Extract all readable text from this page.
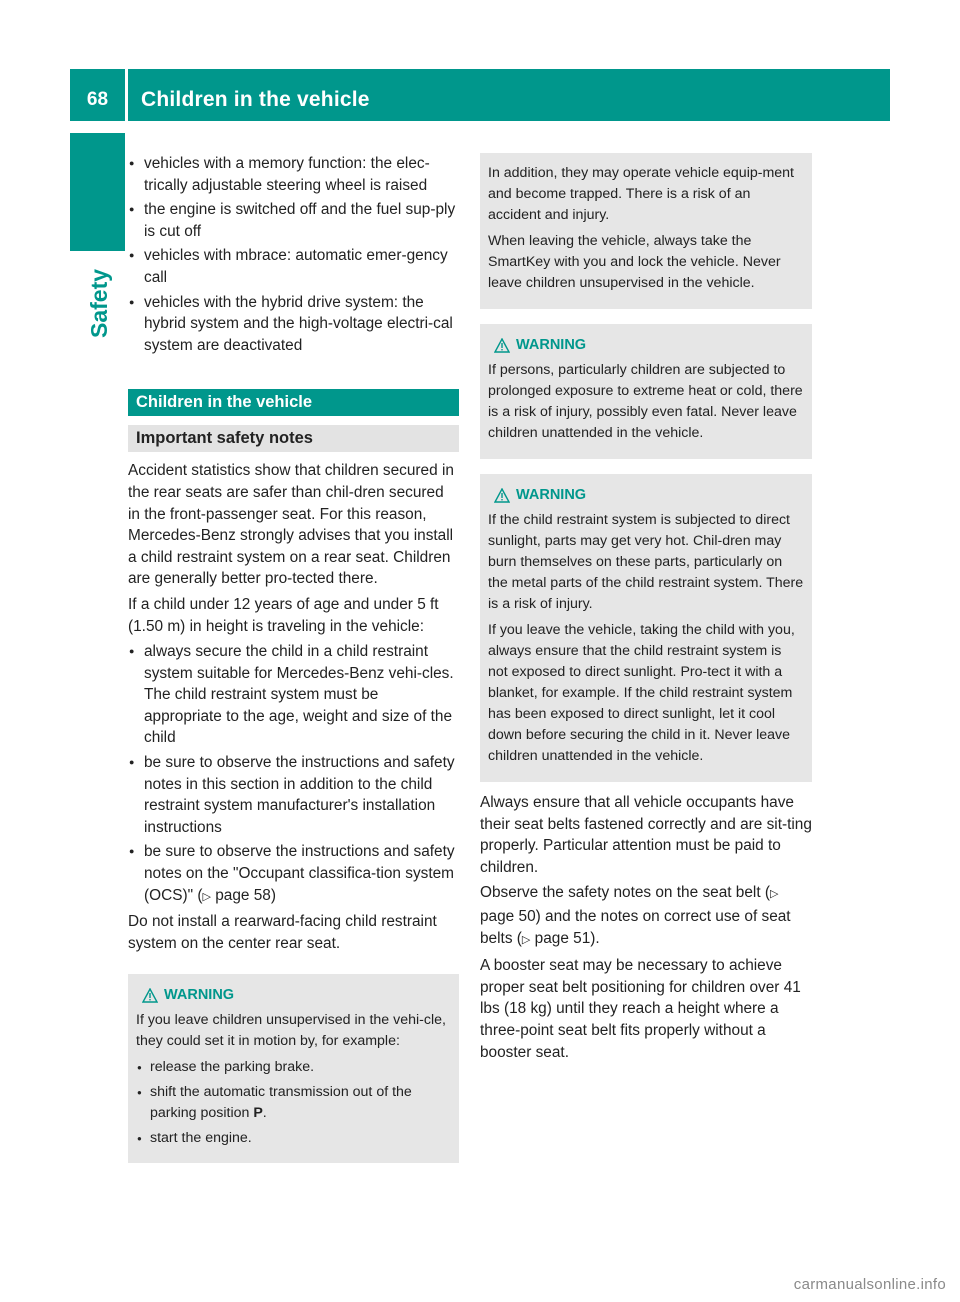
68	Children in the vehicle
Safety
● vehicles with a memory function: the elec-trically adjustable steering wheel is raised
● the engine is switched off and the fuel sup-ply is cut off
● vehicles with mbrace: automatic emer-gency call
● vehicles with the hybrid drive system: the hybrid system and the high-voltage electri-cal system are deactivated
Children in the vehicle
Important safety notes

Accident statistics show that children secured in the rear seats are safer than chil-dren secured in the front-passenger seat. For this reason, Mercedes-Benz strongly advises that you install a child restraint system on a rear seat. Children are generally better pro-tected there.

If a child under 12 years of age and under 5 ft (1.50 m) in height is traveling in the vehicle:

● always secure the child in a child restraint system suitable for Mercedes-Benz vehi-cles. The child restraint system must be appropriate to the age, weight and size of the child
● be sure to observe the instructions and safety notes in this section in addition to the child restraint system manufacturer's installation instructions
● be sure to observe the instructions and safety notes on the "Occupant classifica-tion system (OCS)" (▷ page 58)

Do not install a rearward-facing child restraint system on the center rear seat.

WARNING

If you leave children unsupervised in the vehi-cle, they could set it in motion by, for example:

● release the parking brake.
● shift the automatic transmission out of the parking position P.
● start the engine.

In addition, they may operate vehicle equip-ment and become trapped. There is a risk of an accident and injury.

When leaving the vehicle, always take the SmartKey with you and lock the vehicle. Never leave children unsupervised in the vehicle.

WARNING

If persons, particularly children are subjected to prolonged exposure to extreme heat or cold, there is a risk of injury, possibly even fatal. Never leave children unattended in the vehicle.

WARNING

If the child restraint system is subjected to direct sunlight, parts may get very hot. Chil-dren may burn themselves on these parts, particularly on the metal parts of the child restraint system. There is a risk of injury.

If you leave the vehicle, taking the child with you, always ensure that the child restraint system is not exposed to direct sunlight. Pro-tect it with a blanket, for example. If the child restraint system has been exposed to direct sunlight, let it cool down before securing the child in it. Never leave children unattended in the vehicle.

Always ensure that all vehicle occupants have their seat belts fastened correctly and are sit-ting properly. Particular attention must be paid to children.

Observe the safety notes on the seat belt (▷ page 50) and the notes on correct use of seat belts (▷ page 51).

A booster seat may be necessary to achieve proper seat belt positioning for children over 41 lbs (18 kg) until they reach a height where a three-point seat belt fits properly without a booster seat.

carmanualsonline.info
